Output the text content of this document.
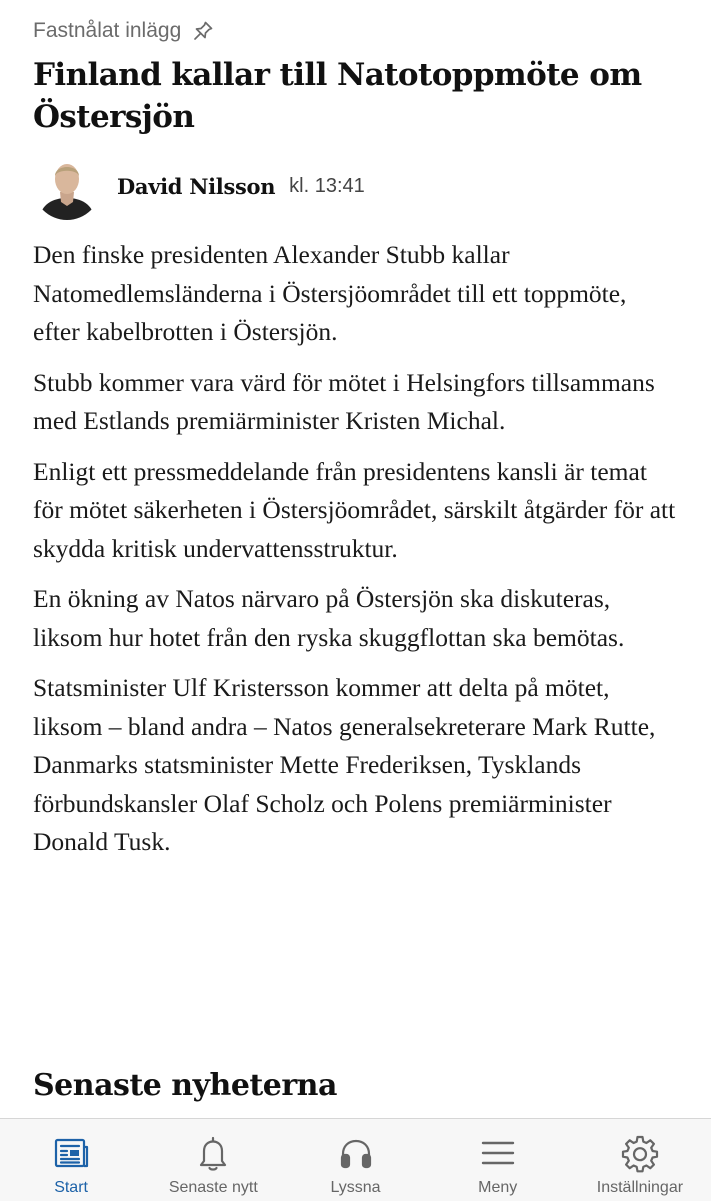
Fastnålat inlägg
Finland kallar till Natotoppmöte om Östersjön
David Nilsson kl. 13:41

Den finske presidenten Alexander Stubb kallar Natomedlemsländerna i Östersjöområdet till ett toppmöte, efter kabelbrotten i Östersjön.

Stubb kommer vara värd för mötet i Helsingfors tillsammans med Estlands premiärminister Kristen Michal.

Enligt ett pressmeddelande från presidentens kansli är temat för mötet säkerheten i Östersjöområdet, särskilt åtgärder för att skydda kritisk undervattensstruktur.

En ökning av Natos närvaro på Östersjön ska diskuteras, liksom hur hotet från den ryska skuggflottan ska bemötas.

Statsminister Ulf Kristersson kommer att delta på mötet, liksom – bland andra – Natos generalsekreterare Mark Rutte, Danmarks statsminister Mette Frederiksen, Tysklands förbundskansler Olaf Scholz och Polens premiärminister Donald Tusk.

Senaste nyheterna
Start	Senaste nytt	Lyssna	Meny	Inställningar
